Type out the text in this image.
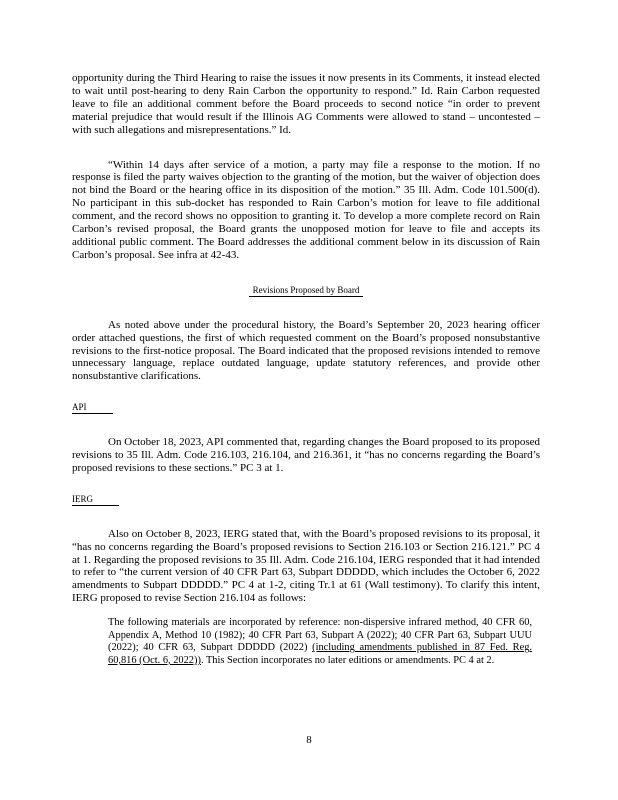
opportunity during the Third Hearing to raise the issues it now presents in its Comments, it instead elected to wait until post-hearing to deny Rain Carbon the opportunity to respond.” Id. Rain Carbon requested leave to file an additional comment before the Board proceeds to second notice “in order to prevent material prejudice that would result if the Illinois AG Comments were allowed to stand – uncontested – with such allegations and misrepresentations.” Id.

“Within 14 days after service of a motion, a party may file a response to the motion. If no response is filed the party waives objection to the granting of the motion, but the waiver of objection does not bind the Board or the hearing office in its disposition of the motion.” 35 Ill. Adm. Code 101.500(d). No participant in this sub-docket has responded to Rain Carbon’s motion for leave to file additional comment, and the record shows no opposition to granting it. To develop a more complete record on Rain Carbon’s revised proposal, the Board grants the unopposed motion for leave to file and accepts its additional public comment. The Board addresses the additional comment below in its discussion of Rain Carbon’s proposal. See infra at 42-43.

Revisions Proposed by Board

As noted above under the procedural history, the Board’s September 20, 2023 hearing officer order attached questions, the first of which requested comment on the Board’s proposed nonsubstantive revisions to the first-notice proposal. The Board indicated that the proposed revisions intended to remove unnecessary language, replace outdated language, update statutory references, and provide other nonsubstantive clarifications.

API

On October 18, 2023, API commented that, regarding changes the Board proposed to its proposed revisions to 35 Ill. Adm. Code 216.103, 216.104, and 216.361, it “has no concerns regarding the Board’s proposed revisions to these sections.” PC 3 at 1.

IERG

Also on October 8, 2023, IERG stated that, with the Board’s proposed revisions to its proposal, it “has no concerns regarding the Board’s proposed revisions to Section 216.103 or Section 216.121.” PC 4 at 1. Regarding the proposed revisions to 35 Ill. Adm. Code 216.104, IERG responded that it had intended to refer to “the current version of 40 CFR Part 63, Subpart DDDDD, which includes the October 6, 2022 amendments to Subpart DDDDD.” PC 4 at 1-2, citing Tr.1 at 61 (Wall testimony). To clarify this intent, IERG proposed to revise Section 216.104 as follows:

The following materials are incorporated by reference: non-dispersive infrared method, 40 CFR 60, Appendix A, Method 10 (1982); 40 CFR Part 63, Subpart A (2022); 40 CFR Part 63, Subpart UUU (2022); 40 CFR 63, Subpart DDDDD (2022) (including amendments published in 87 Fed. Reg. 60,816 (Oct. 6, 2022)). This Section incorporates no later editions or amendments. PC 4 at 2.
8
